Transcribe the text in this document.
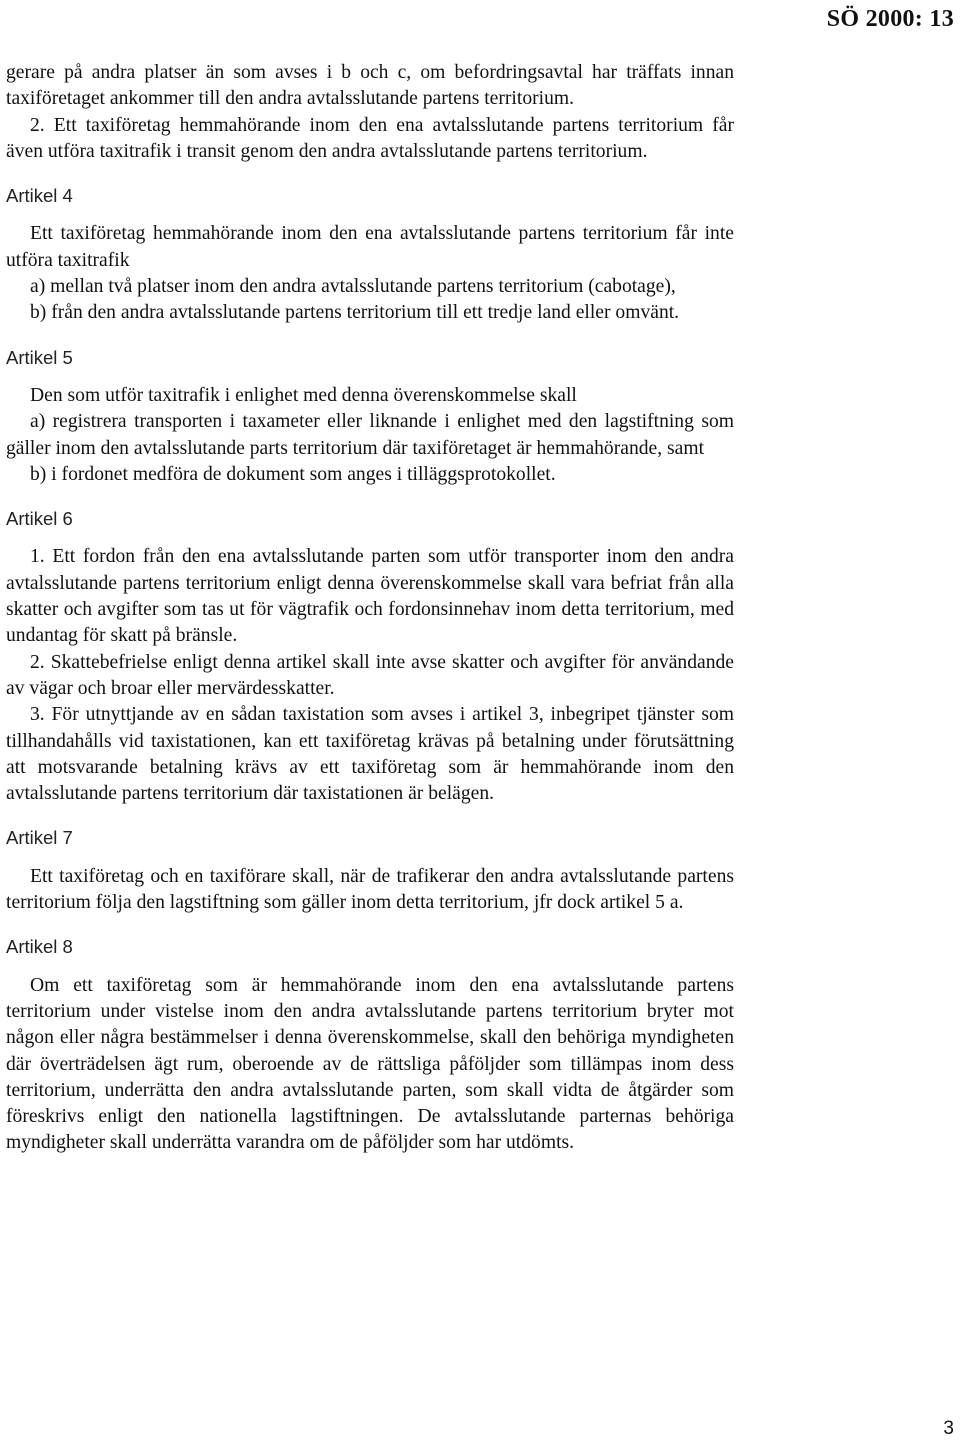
SÖ 2000: 13

gerare på andra platser än som avses i b och c, om befordringsavtal har träffats innan taxiföretaget ankommer till den andra avtalsslutande partens territorium.

2. Ett taxiföretag hemmahörande inom den ena avtalsslutande partens territorium får även utföra taxitrafik i transit genom den andra avtalsslutande partens territorium.

Artikel 4

Ett taxiföretag hemmahörande inom den ena avtalsslutande partens territorium får inte utföra taxitrafik

a) mellan två platser inom den andra avtalsslutande partens territorium (cabotage),

b) från den andra avtalsslutande partens territorium till ett tredje land eller omvänt.

Artikel 5

Den som utför taxitrafik i enlighet med denna överenskommelse skall

a) registrera transporten i taxameter eller liknande i enlighet med den lagstiftning som gäller inom den avtalsslutande parts territorium där taxiföretaget är hemmahörande, samt

b) i fordonet medföra de dokument som anges i tilläggsprotokollet.

Artikel 6

1. Ett fordon från den ena avtalsslutande parten som utför transporter inom den andra avtalsslutande partens territorium enligt denna överenskommelse skall vara befriat från alla skatter och avgifter som tas ut för vägtrafik och fordonsinnehav inom detta territorium, med undantag för skatt på bränsle.

2. Skattebefrielse enligt denna artikel skall inte avse skatter och avgifter för användande av vägar och broar eller mervärdesskatter.

3. För utnyttjande av en sådan taxistation som avses i artikel 3, inbegripet tjänster som tillhandahålls vid taxistationen, kan ett taxiföretag krävas på betalning under förutsättning att motsvarande betalning krävs av ett taxiföretag som är hemmahörande inom den avtalsslutande partens territorium där taxistationen är belägen.

Artikel 7

Ett taxiföretag och en taxiförare skall, när de trafikerar den andra avtalsslutande partens territorium följa den lagstiftning som gäller inom detta territorium, jfr dock artikel 5 a.

Artikel 8

Om ett taxiföretag som är hemmahörande inom den ena avtalsslutande partens territorium under vistelse inom den andra avtalsslutande partens territorium bryter mot någon eller några bestämmelser i denna överenskommelse, skall den behöriga myndigheten där överträdelsen ägt rum, oberoende av de rättsliga påföljder som tillämpas inom dess territorium, underrätta den andra avtalsslutande parten, som skall vidta de åtgärder som föreskrivs enligt den nationella lagstiftningen. De avtalsslutande parternas behöriga myndigheter skall underrätta varandra om de påföljder som har utdömts.

3
